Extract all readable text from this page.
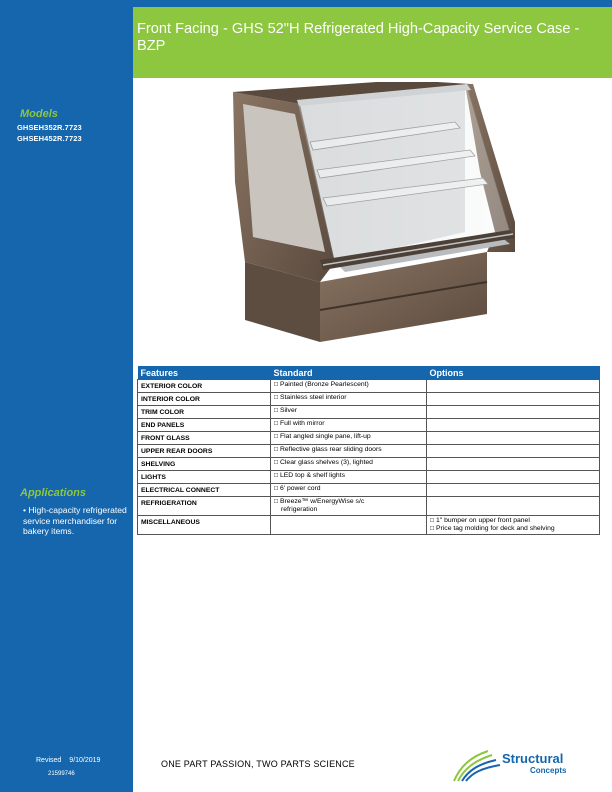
Models
GHSEH352R.7723
GHSEH452R.7723
Applications
• High-capacity refrigerated service merchandiser for bakery items.
Revised 9/10/2019
21599746
Front Facing - GHS 52"H Refrigerated High-Capacity Service Case - BZP
Features	Standard	Options
EXTERIOR COLOR	□ Painted (Bronze Pearlescent)	

INTERIOR COLOR	□ Stainless steel interior	

TRIM COLOR	□ Silver	

END PANELS	□ Full with mirror	

FRONT GLASS	□ Flat angled single pane, lift-up	

UPPER REAR DOORS	□ Reflective glass rear sliding doors	

SHELVING	□ Clear glass shelves (3), lighted	

LIGHTS	□ LED top & shelf lights	

ELECTRICAL CONNECT	□ 6' power cord	

REFRIGERATION	□ Breeze™ w/EnergyWise s/c
refrigeration	

MISCELLANEOUS		□ 1" bumper on upper front panel
□ Price tag molding for deck and shelving
ONE PART PASSION, TWO PARTS SCIENCE	Structural
Concepts
